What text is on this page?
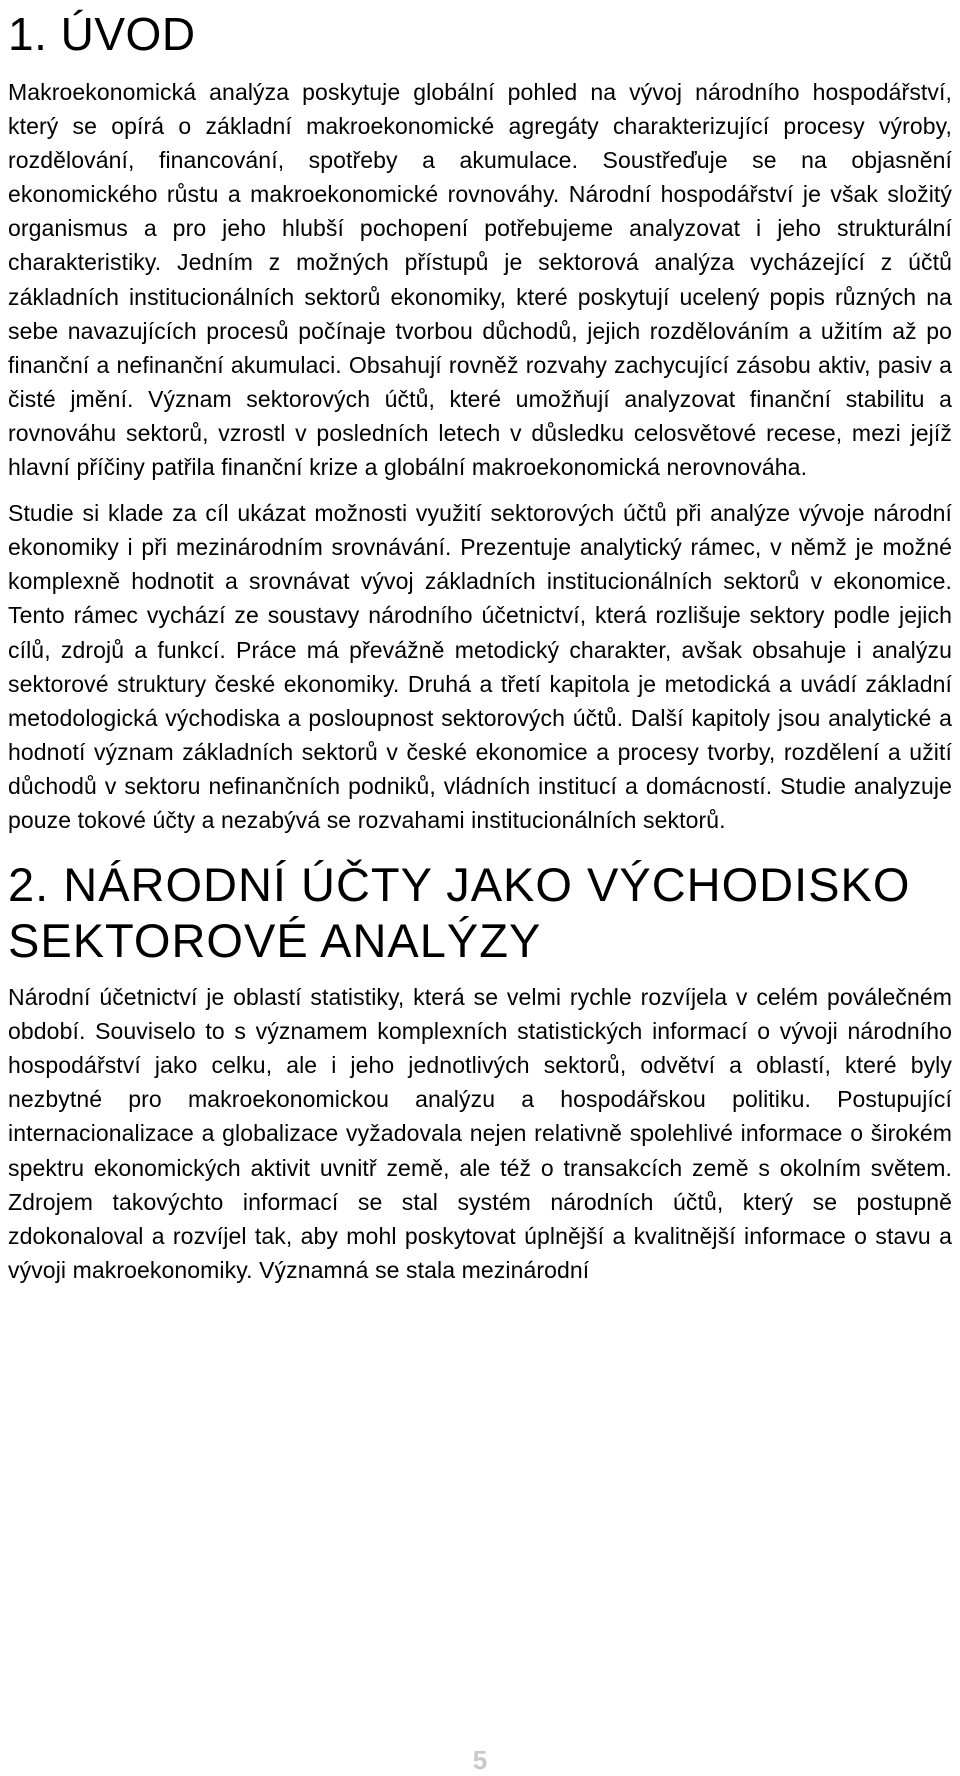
1. ÚVOD

Makroekonomická analýza poskytuje globální pohled na vývoj národního hospodářství, který se opírá o základní makroekonomické agregáty charakterizující procesy výroby, rozdělování, financování, spotřeby a akumulace. Soustřeďuje se na objasnění ekonomického růstu a makroekonomické rovnováhy. Národní hospodářství je však složitý organismus a pro jeho hlubší pochopení potřebujeme analyzovat i jeho strukturální charakteristiky. Jedním z možných přístupů je sektorová analýza vycházející z účtů základních institucionálních sektorů ekonomiky, které poskytují ucelený popis různých na sebe navazujících procesů počínaje tvorbou důchodů, jejich rozdělováním a užitím až po finanční a nefinanční akumulaci. Obsahují rovněž rozvahy zachycující zásobu aktiv, pasiv a čisté jmění. Význam sektorových účtů, které umožňují analyzovat finanční stabilitu a rovnováhu sektorů, vzrostl v posledních letech v důsledku celosvětové recese, mezi jejíž hlavní příčiny patřila finanční krize a globální makroekonomická nerovnováha.

Studie si klade za cíl ukázat možnosti využití sektorových účtů při analýze vývoje národní ekonomiky i při mezinárodním srovnávání. Prezentuje analytický rámec, v němž je možné komplexně hodnotit a srovnávat vývoj základních institucionálních sektorů v ekonomice. Tento rámec vychází ze soustavy národního účetnictví, která rozlišuje sektory podle jejich cílů, zdrojů a funkcí. Práce má převážně metodický charakter, avšak obsahuje i analýzu sektorové struktury české ekonomiky. Druhá a třetí kapitola je metodická a uvádí základní metodologická východiska a posloupnost sektorových účtů. Další kapitoly jsou analytické a hodnotí význam základních sektorů v české ekonomice a procesy tvorby, rozdělení a užití důchodů v sektoru nefinančních podniků, vládních institucí a domácností. Studie analyzuje pouze tokové účty a nezabývá se rozvahami institucionálních sektorů.

2. NÁRODNÍ ÚČTY JAKO VÝCHODISKO
SEKTOROVÉ ANALÝZY

Národní účetnictví je oblastí statistiky, která se velmi rychle rozvíjela v celém poválečném období. Souviselo to s významem komplexních statistických informací o vývoji národního hospodářství jako celku, ale i jeho jednotlivých sektorů, odvětví a oblastí, které byly nezbytné pro makroekonomickou analýzu a hospodářskou politiku. Postupující internacionalizace a globalizace vyžadovala nejen relativně spolehlivé informace o širokém spektru ekonomických aktivit uvnitř země, ale též o transakcích země s okolním světem. Zdrojem takovýchto informací se stal systém národních účtů, který se postupně zdokonaloval a rozvíjel tak, aby mohl poskytovat úplnější a kvalitnější informace o stavu a vývoji makroekonomiky. Významná se stala mezinárodní

5
